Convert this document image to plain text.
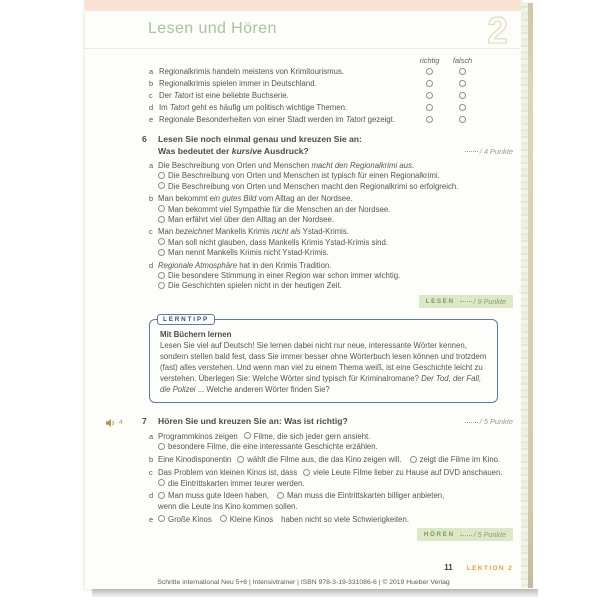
Lesen und Hören	2
richtig	falsch
a Regionalkrimis handeln meistens von Krimitourismus.
b Regionalkrimis spielen immer in Deutschland.
c Der Tatort ist eine beliebte Buchserie.
d Im Tatort geht es häufig um politisch wichtige Themen.
e Regionale Besonderheiten von einer Stadt werden im Tatort gezeigt.
6 Lesen Sie noch einmal genau und kreuzen Sie an:
Was bedeutet der kursive Ausdruck?	/ 4 Punkte
a Die Beschreibung von Orten und Menschen macht den Regionalkrimi aus.
Die Beschreibung von Orten und Menschen ist typisch für einen Regionalkrimi.
Die Beschreibung von Orten und Menschen macht den Regionalkrimi so erfolgreich.
b Man bekommt ein gutes Bild vom Alltag an der Nordsee.
Man bekommt viel Sympathie für die Menschen an der Nordsee.
Man erfährt viel über den Alltag an der Nordsee.
c Man bezeichnet Mankells Krimis nicht als Ystad-Krimis.
Man soll nicht glauben, dass Mankells Krimis Ystad-Krimis sind.
Man nennt Mankells Krimis nicht Ystad-Krimis.
d Regionale Atmosphäre hat in den Krimis Tradition.
Die besondere Stimmung in einer Region war schon immer wichtig.
Die Geschichten spielen nicht in der heutigen Zeit.
LESEN	/ 9 Punkte
LERNTIPP
Mit Büchern lernen
Lesen Sie viel auf Deutsch! Sie lernen dabei nicht nur neue, interessante Wörter kennen, sondern stellen bald fest, dass Sie immer besser ohne Wörterbuch lesen können und trotzdem (fast) alles verstehen. Und wenn man viel zu einem Thema weiß, ist eine Geschichte leicht zu verstehen. Überlegen Sie: Welche Wörter sind typisch für Kriminalromane? Der Tod, der Fall, die Polizei ... Welche anderen Wörter finden Sie?
4 7 Hören Sie und kreuzen Sie an: Was ist richtig?	/ 5 Punkte
a Programmkinos zeigen Filme, die sich jeder gern ansieht.
besondere Filme, die eine interessante Geschichte erzählen.
b Eine Kinodisponentin wählt die Filme aus, die das Kino zeigen will. zeigt die Filme im Kino.
c Das Problem von kleinen Kinos ist, dass viele Leute Filme lieber zu Hause auf DVD anschauen.
die Eintrittskarten immer teurer werden.
d	Man muss gute Ideen haben, Man muss die Eintrittskarten billiger anbieten,
wenn die Leute ins Kino kommen sollen.
e	Große Kinos Kleine Kinos haben nicht so viele Schwierigkeiten.
HÖREN	/ 5 Punkte
11 LEKTION 2
Schritte international Neu 5+6 | Intensivtrainer | ISBN 978-3-19-331086-6 | © 2019 Hueber Verlag
